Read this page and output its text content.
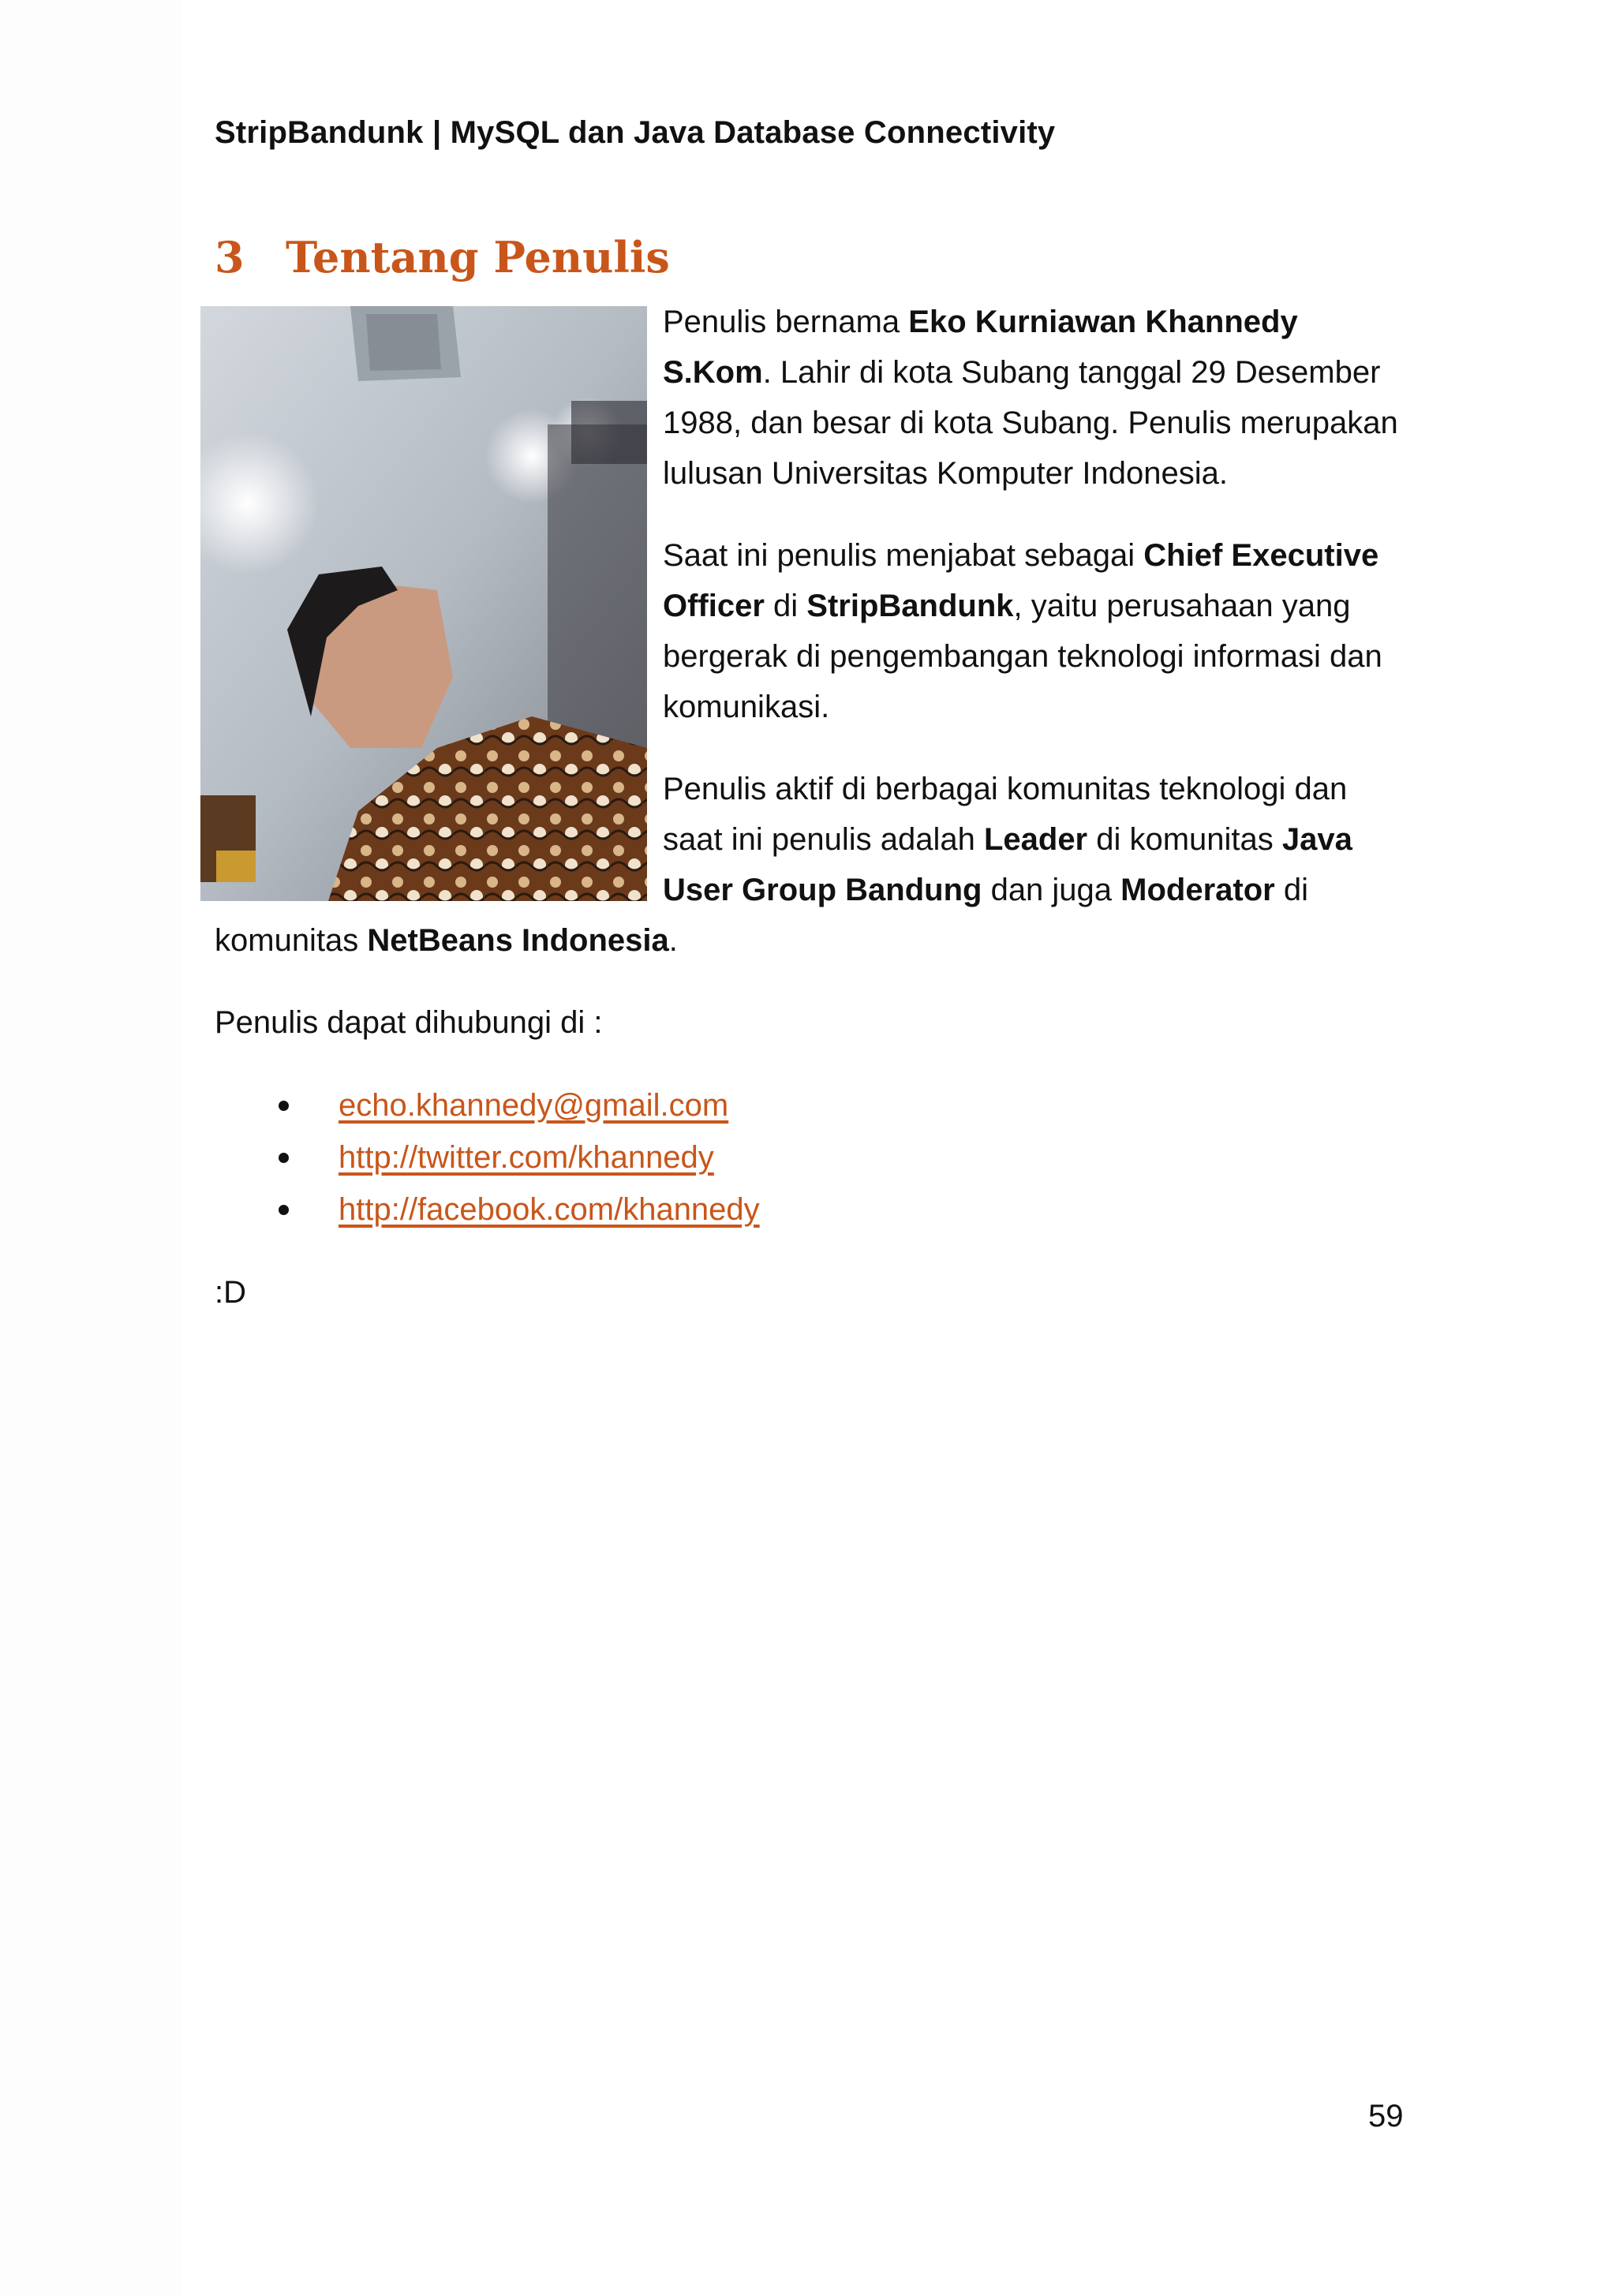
StripBandunk | MySQL dan Java Database Connectivity
3 Tentang Penulis

Penulis bernama Eko Kurniawan Khannedy S.Kom. Lahir di kota Subang tanggal 29 Desember 1988, dan besar di kota Subang. Penulis merupakan lulusan Universitas Komputer Indonesia.

Saat ini penulis menjabat sebagai Chief Executive Officer di StripBandunk, yaitu perusahaan yang bergerak di pengembangan teknologi informasi dan komunikasi.

Penulis aktif di berbagai komunitas teknologi dan saat ini penulis adalah Leader di komunitas Java User Group Bandung dan juga Moderator di komunitas NetBeans Indonesia.

Penulis dapat dihubungi di :

echo.khannedy@gmail.com
http://twitter.com/khannedy
http://facebook.com/khannedy

:D

59
